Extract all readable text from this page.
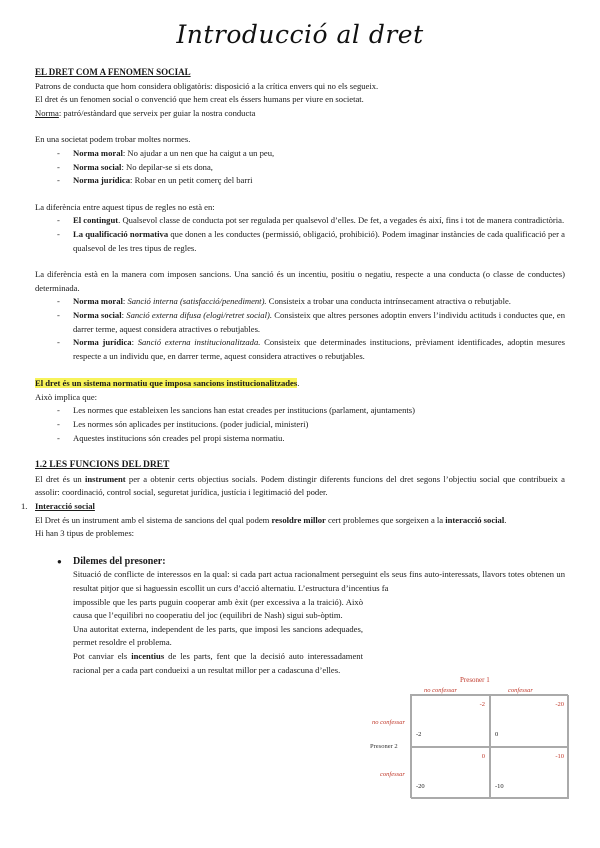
Introducció al dret

EL DRET COM A FENOMEN SOCIAL

Patrons de conducta que hom considera obligatòris: disposició a la crítica envers qui no els segueix.

El dret és un fenomen social o convenció que hem creat els éssers humans per viure en societat.

Norma: patró/estàndard que serveix per guiar la nostra conducta

En una societat podem trobar moltes normes.

- Norma moral: No ajudar a un nen que ha caigut a un peu,
- Norma social: No depilar-se si ets dona,
- Norma jurídica: Robar en un petit comerç del barri

La diferència entre aquest tipus de regles no està en:

- El contingut. Qualsevol classe de conducta pot ser regulada per qualsevol d’elles. De fet, a vegades és així, fins i tot de manera contradictòria.
- La qualificació normativa que donen a les conductes (permissió, obligació, prohibició). Podem imaginar instàncies de cada qualificació per a qualsevol de les tres tipus de regles.

La diferència està en la manera com imposen sancions. Una sanció és un incentiu, positiu o negatiu, respecte a una conducta (o classe de conductes) determinada.

- Norma moral: Sanció interna (satisfacció/penediment). Consisteix a trobar una conducta intrínsecament atractiva o rebutjable.
- Norma social: Sanció externa difusa (elogi/retret social). Consisteix que altres persones adoptin envers l’individu actituds i conductes que, en darrer terme, aquest considera atractives o rebutjables.
- Norma jurídica: Sanció externa institucionalitzada. Consisteix que determinades institucions, prèviament identificades, adoptin mesures respecte a un individu que, en darrer terme, aquest considera atractives o rebutjables.

El dret és un sistema normatiu que imposa sancions institucionalitzades.

Això implica que:

- Les normes que estableixen les sancions han estat creades per institucions (parlament, ajuntaments)
- Les normes són aplicades per institucions. (poder judicial, ministeri)
- Aquestes institucions són creades pel propi sistema normatiu.

1.2 LES FUNCIONS DEL DRET

El dret és un instrument per a obtenir certs objectius socials. Podem distingir diferents funcions del dret segons l’objectiu social que contribueix a assolir: coordinació, control social, seguretat jurídica, justícia i legitimació del poder.

1. Interacció social

El Dret és un instrument amb el sistema de sancions del qual podem resoldre millor cert problemes que sorgeixen a la interacció social.

Hi han 3 tipus de problemes:

● Dilemes del presoner:

Situació de conflicte de interessos en la qual: si cada part actua racionalment perseguint els seus fins auto-interessats, llavors totes obtenen un resultat pitjor que si haguessin escollit un curs d’acció alternatiu. L’estructura d’incentius fa

impossible que les parts puguin cooperar amb èxit (per excessiva a la traició). Això causa que l’equilibri no cooperatiu del joc (equilibri de Nash) sigui sub-òptim.

Una autoritat externa, independent de les parts, que imposi les sancions adequades, permet resoldre el problema.

Pot canviar els incentius de les parts, fent que la decisió auto interessadament racional per a cada part condueixi a un resultat millor per a cadascuna d’elles.

Presoner 1
no confessar	confessar
Presoner 2
no confessar
confessar
-2
-2
-20
0
0
-20
-10
-10
